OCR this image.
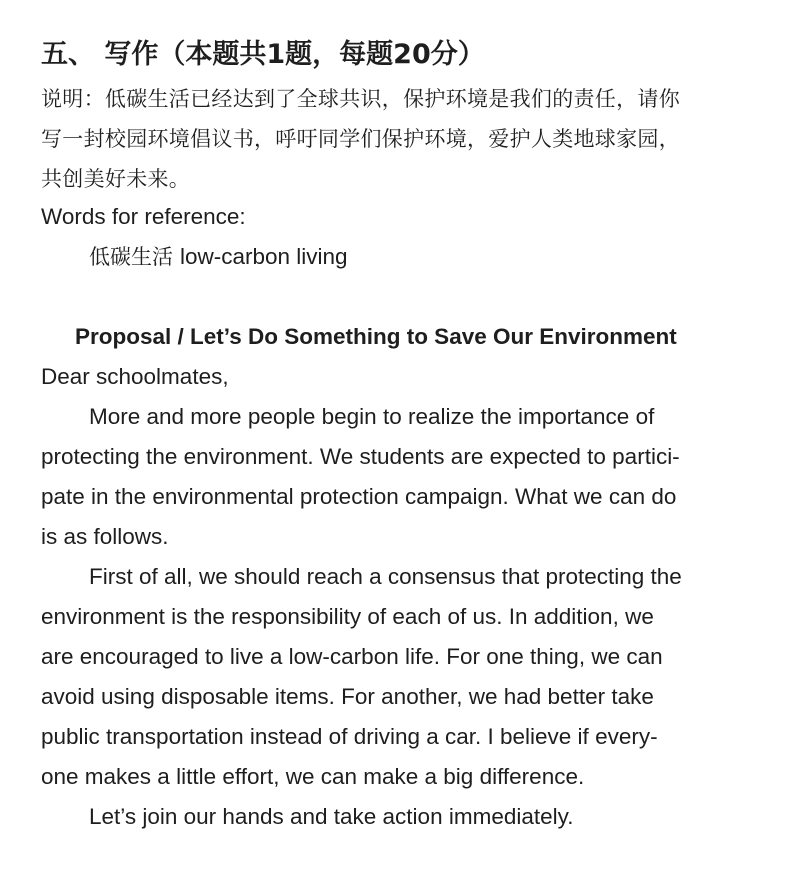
五、 写作（本题共1题，每题20分）
说明：低碳生活已经达到了全球共识，保护环境是我们的责任，请你
写一封校园环境倡议书，呼吁同学们保护环境，爱护人类地球家园，
共创美好未来。
Words for reference:
低碳生活 low-carbon living
Proposal / Let’s Do Something to Save Our Environment
Dear schoolmates,
More and more people begin to realize the importance of
protecting the environment. We students are expected to partici-
pate in the environmental protection campaign. What we can do
is as follows.
First of all, we should reach a consensus that protecting the
environment is the responsibility of each of us. In addition, we
are encouraged to live a low-carbon life. For one thing, we can
avoid using disposable items. For another, we had better take
public transportation instead of driving a car. I believe if every-
one makes a little effort, we can make a big difference.
Let’s join our hands and take action immediately.
